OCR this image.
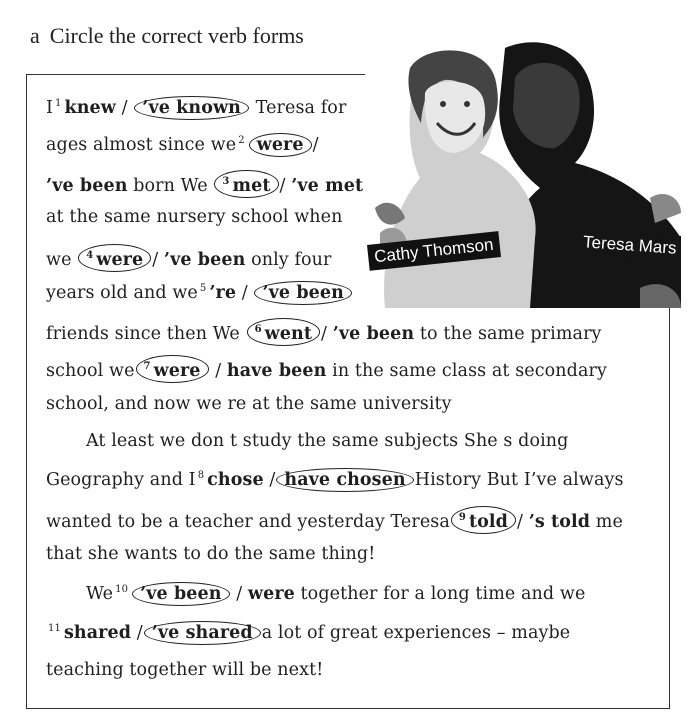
a Circle the correct verb forms
Cathy Thomson	Teresa Mars
I $^1$ knew / ’ve known Teresa for
ages almost since we $^2$ were /
’ve been born We $^3$ met / ’ve met
at the same nursery school when
we $^4$ were / ’ve been only four
years old and we $^5$ ’re / ’ve been
friends since then We $^6$ went / ’ve been to the same primary
school we $^7$ were / have been in the same class at secondary
school, and now we re at the same university
At least we don t study the same subjects She s doing
Geography and I $^8$ chose / have chosen History But I’ve always
wanted to be a teacher and yesterday Teresa $^9$ told / ’s told me
that she wants to do the same thing!
We $^{10}$ ’ve been / were together for a long time and we
$^{11}$ shared / ’ve shared a lot of great experiences – maybe
teaching together will be next!
